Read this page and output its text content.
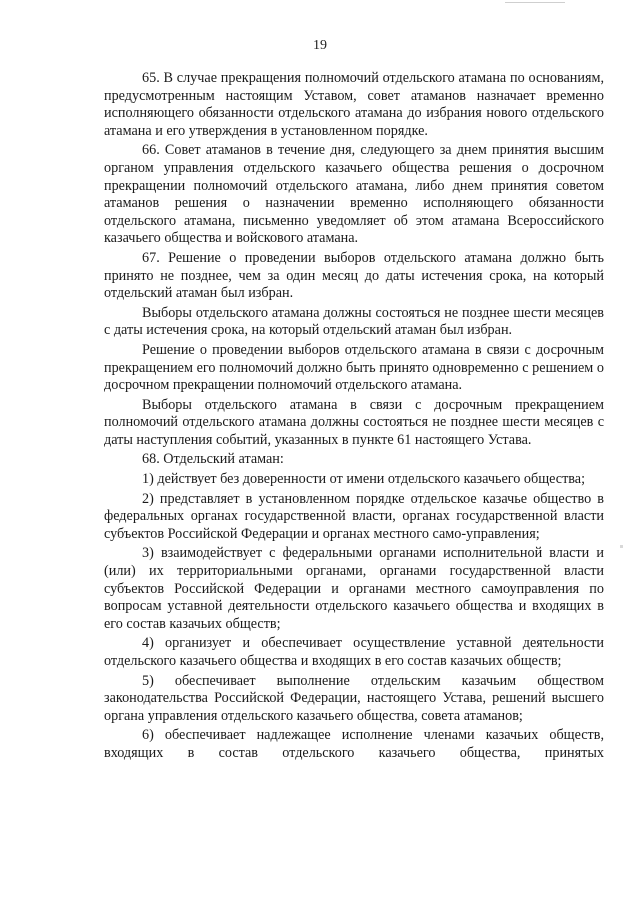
19

65. В случае прекращения полномочий отдельского атамана по основаниям, предусмотренным настоящим Уставом, совет атаманов назначает временно исполняющего обязанности отдельского атамана до избрания нового отдельского атамана и его утверждения в установленном порядке.

66. Совет атаманов в течение дня, следующего за днем принятия высшим органом управления отдельского казачьего общества решения о досрочном прекращении полномочий отдельского атамана, либо днем принятия советом атаманов решения о назначении временно исполняющего обязанности отдельского атамана, письменно уведомляет об этом атамана Всероссийского казачьего общества и войскового атамана.

67. Решение о проведении выборов отдельского атамана должно быть принято не позднее, чем за один месяц до даты истечения срока, на который отдельский атаман был избран.

Выборы отдельского атамана должны состояться не позднее шести месяцев с даты истечения срока, на который отдельский атаман был избран.

Решение о проведении выборов отдельского атамана в связи с досрочным прекращением его полномочий должно быть принято одновременно с решением о досрочном прекращении полномочий отдельского атамана.

Выборы отдельского атамана в связи с досрочным прекращением полномочий отдельского атамана должны состояться не позднее шести месяцев с даты наступления событий, указанных в пункте 61 настоящего Устава.

68. Отдельский атаман:

1) действует без доверенности от имени отдельского казачьего общества;

2) представляет в установленном порядке отдельское казачье общество в федеральных органах государственной власти, органах государственной власти субъектов Российской Федерации и органах местного само-управления;

3) взаимодействует с федеральными органами исполнительной власти и (или) их территориальными органами, органами государственной власти субъектов Российской Федерации и органами местного самоуправления по вопросам уставной деятельности отдельского казачьего общества и входящих в его состав казачьих обществ;

4) организует и обеспечивает осуществление уставной деятельности отдельского казачьего общества и входящих в его состав казачьих обществ;

5) обеспечивает выполнение отдельским казачьим обществом законодательства Российской Федерации, настоящего Устава, решений высшего органа управления отдельского казачьего общества, совета атаманов;

6) обеспечивает надлежащее исполнение членами казачьих обществ, входящих в состав отдельского казачьего общества, принятых
